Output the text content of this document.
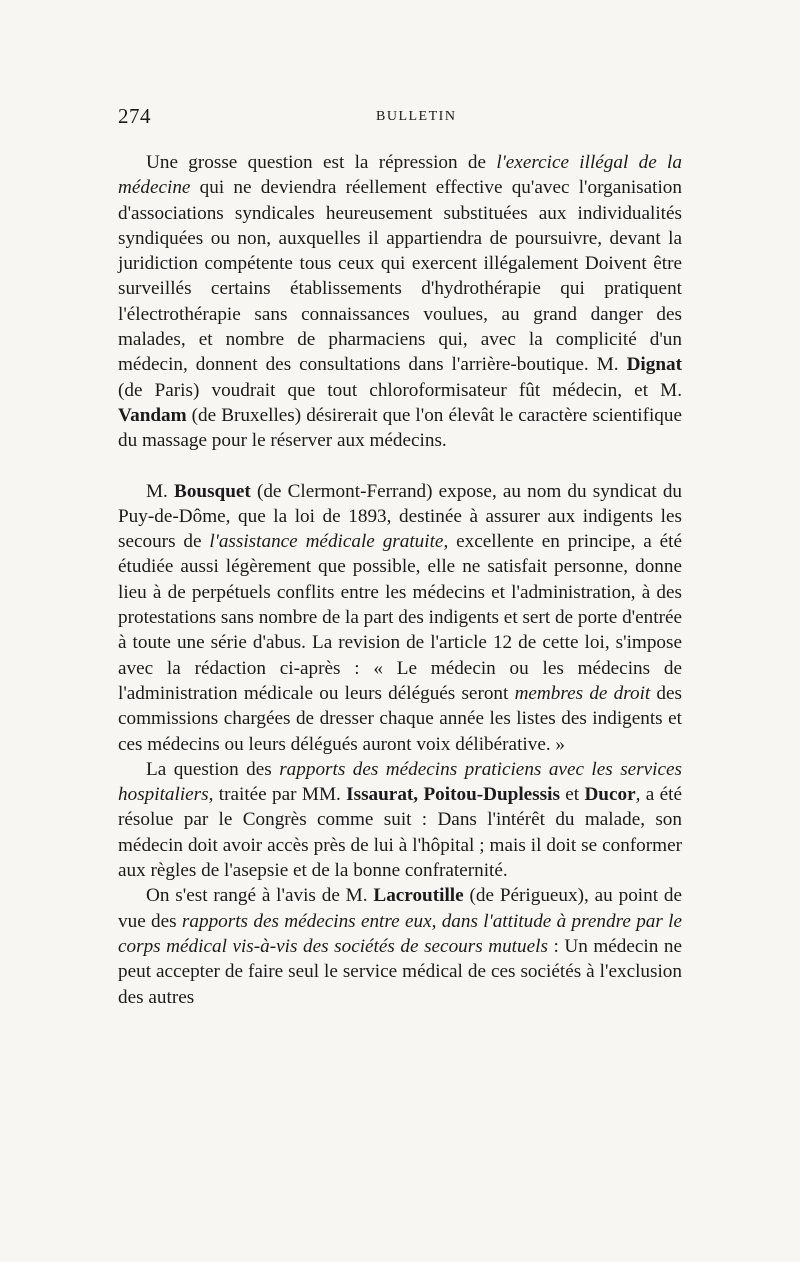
274	BULLETIN

Une grosse question est la répression de l'exercice illégal de la médecine qui ne deviendra réellement effective qu'avec l'organisation d'associations syndicales heureusement substituées aux individualités syndiquées ou non, auxquelles il appartiendra de poursuivre, devant la juridiction compétente tous ceux qui exercent illégalement Doivent être surveillés certains établissements d'hydrothérapie qui pratiquent l'électrothérapie sans connaissances voulues, au grand danger des malades, et nombre de pharmaciens qui, avec la complicité d'un médecin, donnent des consultations dans l'arrière-boutique. M. Dignat (de Paris) voudrait que tout chloroformisateur fût médecin, et M. Vandam (de Bruxelles) désirerait que l'on élevât le caractère scientifique du massage pour le réserver aux médecins.

M. Bousquet (de Clermont-Ferrand) expose, au nom du syndicat du Puy-de-Dôme, que la loi de 1893, destinée à assurer aux indigents les secours de l'assistance médicale gratuite, excellente en principe, a été étudiée aussi légèrement que possible, elle ne satisfait personne, donne lieu à de perpétuels conflits entre les médecins et l'administration, à des protestations sans nombre de la part des indigents et sert de porte d'entrée à toute une série d'abus. La revision de l'article 12 de cette loi, s'impose avec la rédaction ci-après : « Le médecin ou les médecins de l'administration médicale ou leurs délégués seront membres de droit des commissions chargées de dresser chaque année les listes des indigents et ces médecins ou leurs délégués auront voix délibérative. »

La question des rapports des médecins praticiens avec les services hospitaliers, traitée par MM. Issaurat, Poitou-Duplessis et Ducor, a été résolue par le Congrès comme suit : Dans l'intérêt du malade, son médecin doit avoir accès près de lui à l'hôpital ; mais il doit se conformer aux règles de l'asepsie et de la bonne confraternité.

On s'est rangé à l'avis de M. Lacroutille (de Périgueux), au point de vue des rapports des médecins entre eux, dans l'attitude à prendre par le corps médical vis-à-vis des sociétés de secours mutuels : Un médecin ne peut accepter de faire seul le service médical de ces sociétés à l'exclusion des autres
